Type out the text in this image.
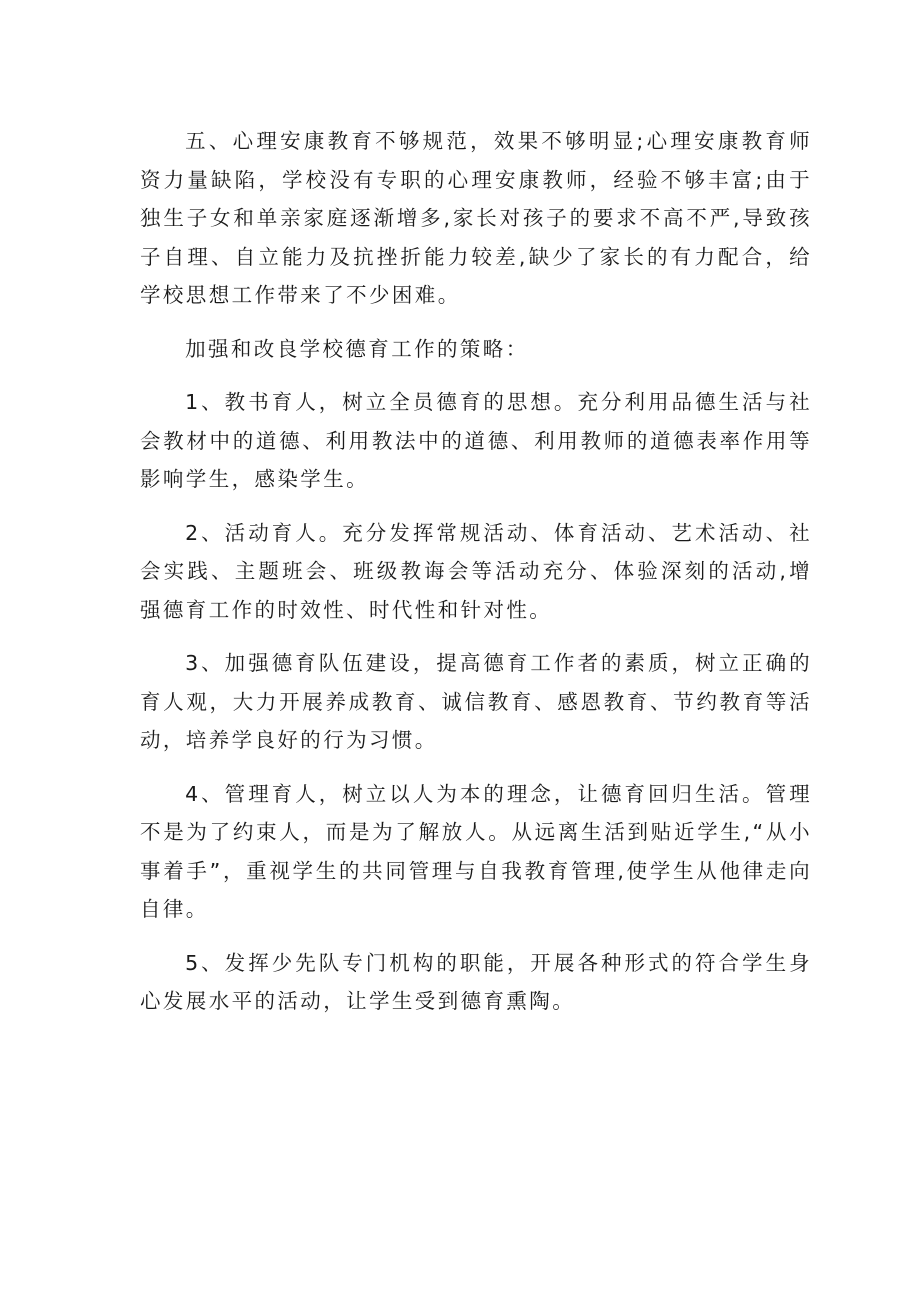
五、心理安康教育不够规范，效果不够明显;心理安康教育师资力量缺陷，学校没有专职的心理安康教师，经验不够丰富;由于独生子女和单亲家庭逐渐增多,家长对孩子的要求不高不严,导致孩子自理、自立能力及抗挫折能力较差,缺少了家长的有力配合，给学校思想工作带来了不少困难。

加强和改良学校德育工作的策略：

1、教书育人，树立全员德育的思想。充分利用品德生活与社会教材中的道德、利用教法中的道德、利用教师的道德表率作用等影响学生，感染学生。

2、活动育人。充分发挥常规活动、体育活动、艺术活动、社会实践、主题班会、班级教诲会等活动充分、体验深刻的活动,增强德育工作的时效性、时代性和针对性。

3、加强德育队伍建设，提高德育工作者的素质，树立正确的育人观，大力开展养成教育、诚信教育、感恩教育、节约教育等活动，培养学良好的行为习惯。

4、管理育人，树立以人为本的理念，让德育回归生活。管理不是为了约束人，而是为了解放人。从远离生活到贴近学生,“从小事着手”，重视学生的共同管理与自我教育管理,使学生从他律走向自律。

5、发挥少先队专门机构的职能，开展各种形式的符合学生身心发展水平的活动，让学生受到德育熏陶。
